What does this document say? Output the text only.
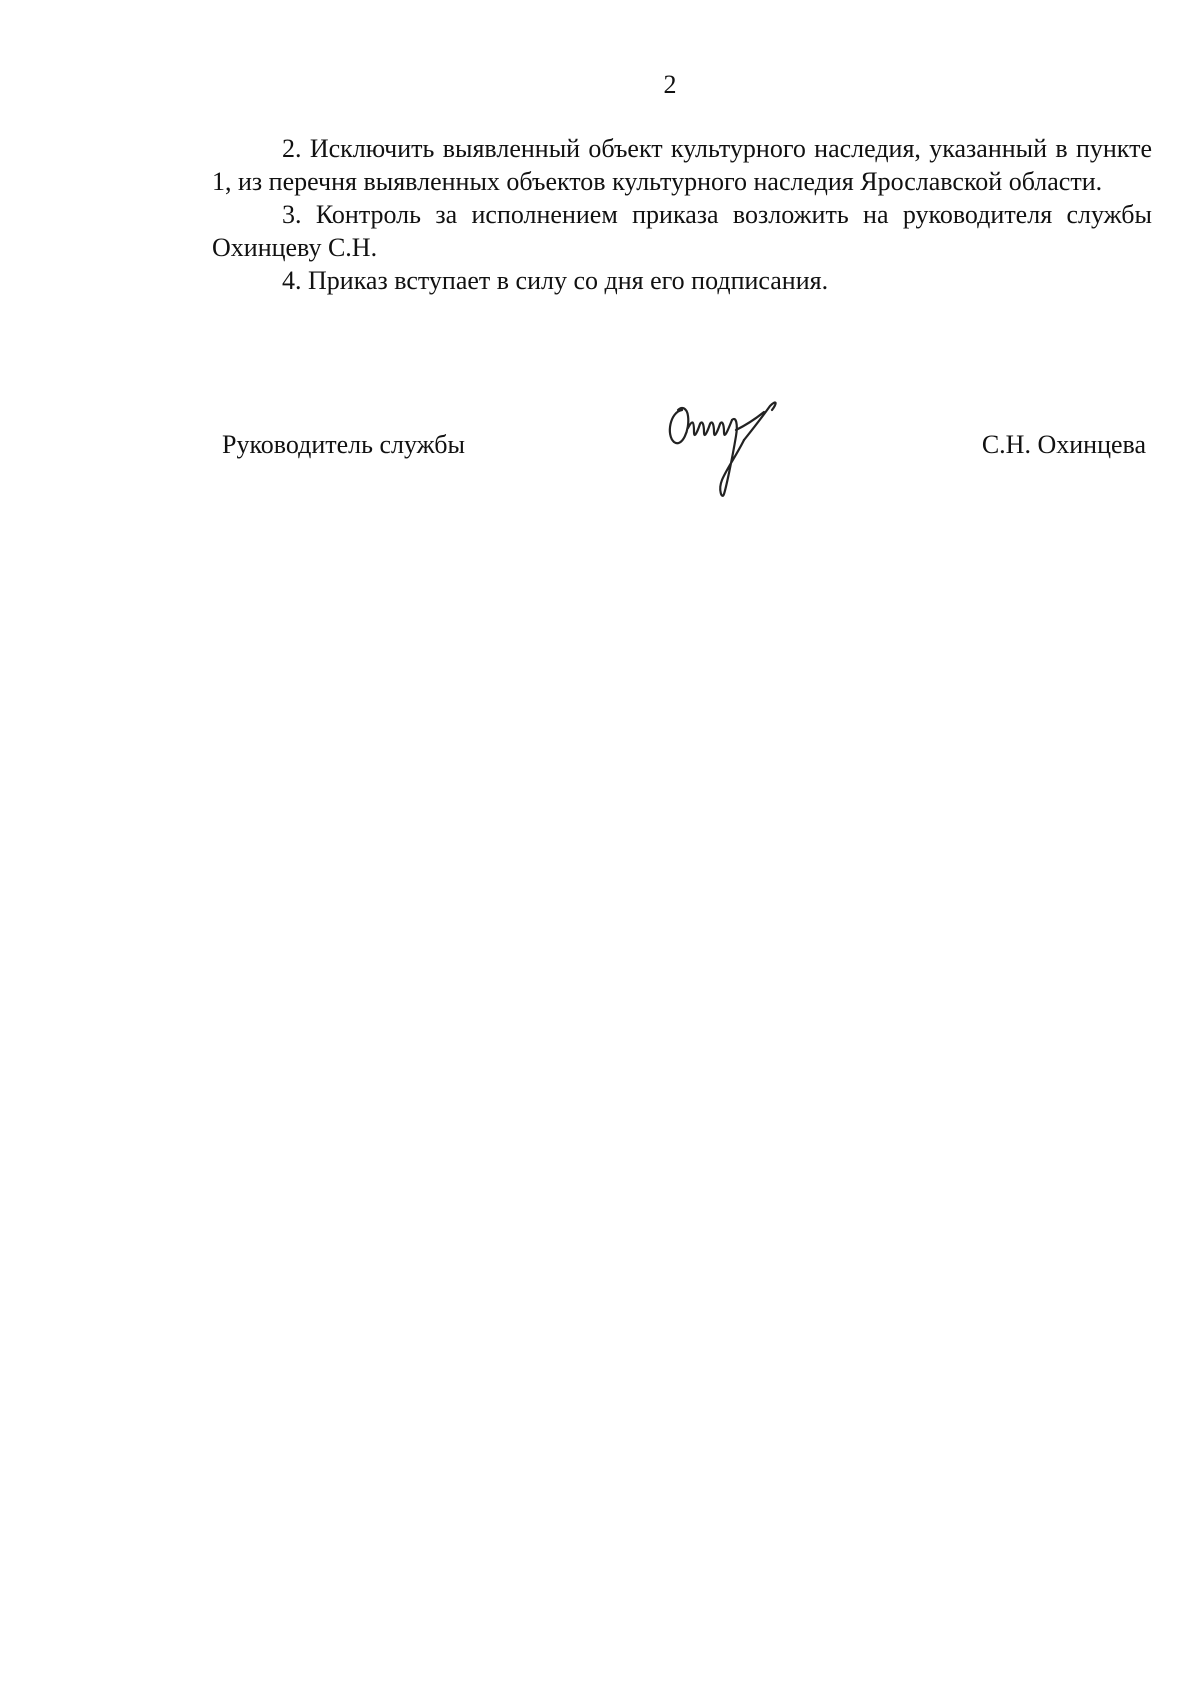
2

2. Исключить выявленный объект культурного наследия, указанный в пункте 1, из перечня выявленных объектов культурного наследия Ярославской области.

3. Контроль за исполнением приказа возложить на руководителя службы Охинцеву С.Н.

4. Приказ вступает в силу со дня его подписания.

Руководитель службы	С.Н. Охинцева
